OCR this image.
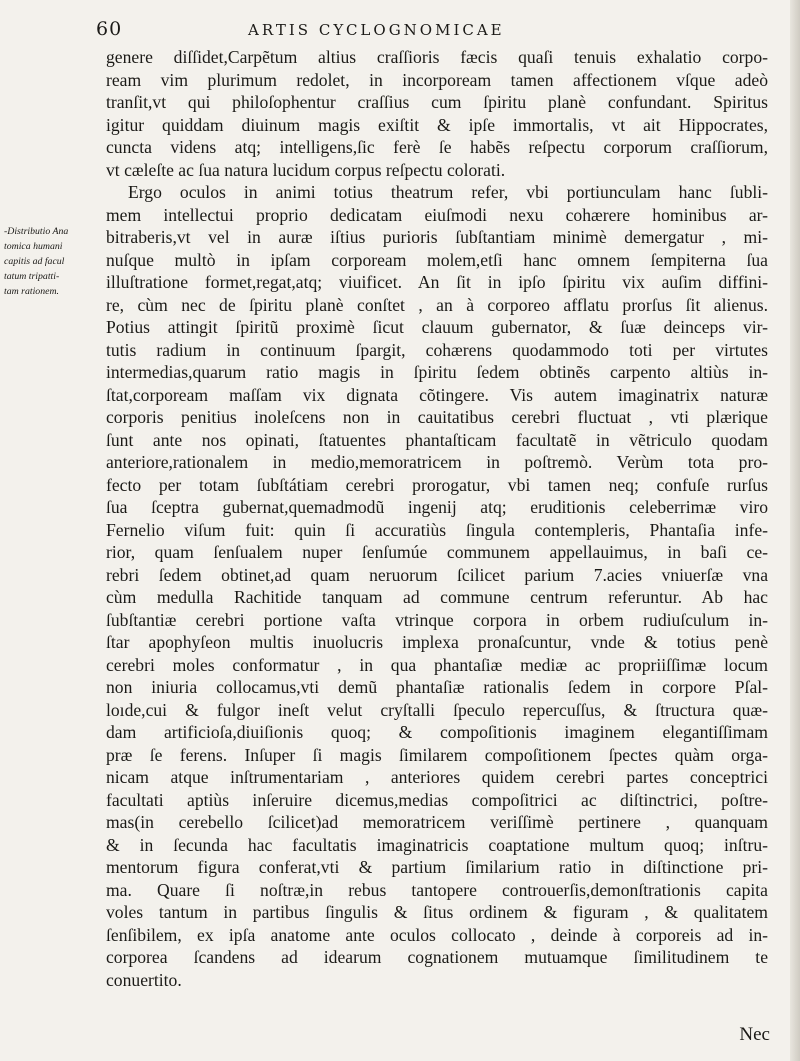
60	ARTIS CYCLOGNOMICAE
-Distributio Ana
tomica humani
capitis ad facul
tatum tripatti-
tam rationem.
genere diſſidet,Carpẽtum altius craſſioris fæcis quaſi tenuis exhalatio corpo-
ream vim plurimum redolet, in incorpoream tamen affectionem vſque adeò
tranſit,vt qui philoſophentur craſſius cum ſpiritu planè confundant. Spiritus
igitur quiddam diuinum magis exiſtit & ipſe immortalis, vt ait Hippocrates,
cuncta videns atq; intelligens,ſic ferè ſe habẽs reſpectu corporum craſſiorum,
vt cæleſte ac ſua natura lucidum corpus reſpectu colorati.
Ergo oculos in animi totius theatrum refer, vbi portiunculam hanc ſubli-
mem intellectui proprio dedicatam eiuſmodi nexu cohærere hominibus ar-
bitraberis,vt vel in auræ iſtius purioris ſubſtantiam minimè demergatur , mi-
nuſque multò in ipſam corpoream molem,etſi hanc omnem ſempiterna ſua
illuſtratione formet,regat,atq; viuificet. An ſit in ipſo ſpiritu vix auſim diffini-
re, cùm nec de ſpiritu planè conſtet , an à corporeo afflatu prorſus ſit alienus.
Potius attingit ſpiritũ proximè ſicut clauum gubernator, & ſuæ deinceps vir-
tutis radium in continuum ſpargit, cohærens quodammodo toti per virtutes
intermedias,quarum ratio magis in ſpiritu ſedem obtinẽs carpento altiùs in-
ſtat,corpoream maſſam vix dignata cõtingere. Vis autem imaginatrix naturæ
corporis penitius inoleſcens non in cauitatibus cerebri fluctuat , vti plærique
ſunt ante nos opinati, ſtatuentes phantaſticam facultatẽ in vẽtriculo quodam
anteriore,rationalem in medio,memoratricem in poſtremò. Verùm tota pro-
fecto per totam ſubſtátiam cerebri prorogatur, vbi tamen neq; confuſe rurſus
ſua ſceptra gubernat,quemadmodũ ingenij atq; eruditionis celeberrimæ viro
Fernelio viſum fuit: quin ſi accuratiùs ſingula contempleris, Phantaſia infe-
rior, quam ſenſualem nuper ſenſumúe communem appellauimus, in baſi ce-
rebri ſedem obtinet,ad quam neruorum ſcilicet parium 7.acies vniuerſæ vna
cùm medulla Rachitide tanquam ad commune centrum referuntur. Ab hac
ſubſtantiæ cerebri portione vaſta vtrinque corpora in orbem rudiuſculum in-
ſtar apophyſeon multis inuolucris implexa pronaſcuntur, vnde & totius penè
cerebri moles conformatur , in qua phantaſiæ mediæ ac propriiſſimæ locum
non iniuria collocamus,vti demũ phantaſiæ rationalis ſedem in corpore Pſal-
loıde,cui & fulgor ineſt velut cryſtalli ſpeculo repercuſſus, & ſtructura quæ-
dam artificioſa,diuiſionis quoq; & compoſitionis imaginem elegantiſſimam
præ ſe ferens. Inſuper ſi magis ſimilarem compoſitionem ſpectes quàm orga-
nicam atque inſtrumentariam , anteriores quidem cerebri partes conceptrici
facultati aptiùs inſeruire dicemus,medias compoſitrici ac diſtinctrici, poſtre-
mas(in cerebello ſcilicet)ad memoratricem veriſſimè pertinere , quanquam
& in ſecunda hac facultatis imaginatricis coaptatione multum quoq; inſtru-
mentorum figura conferat,vti & partium ſimilarium ratio in diſtinctione pri-
ma. Quare ſi noſtræ,in rebus tantopere controuerſis,demonſtrationis capita
voles tantum in partibus ſingulis & ſitus ordinem & figuram , & qualitatem
ſenſibilem, ex ipſa anatome ante oculos collocato , deinde à corporeis ad in-
corporea ſcandens ad idearum cognationem mutuamque ſimilitudinem te
conuertito.
Nec
